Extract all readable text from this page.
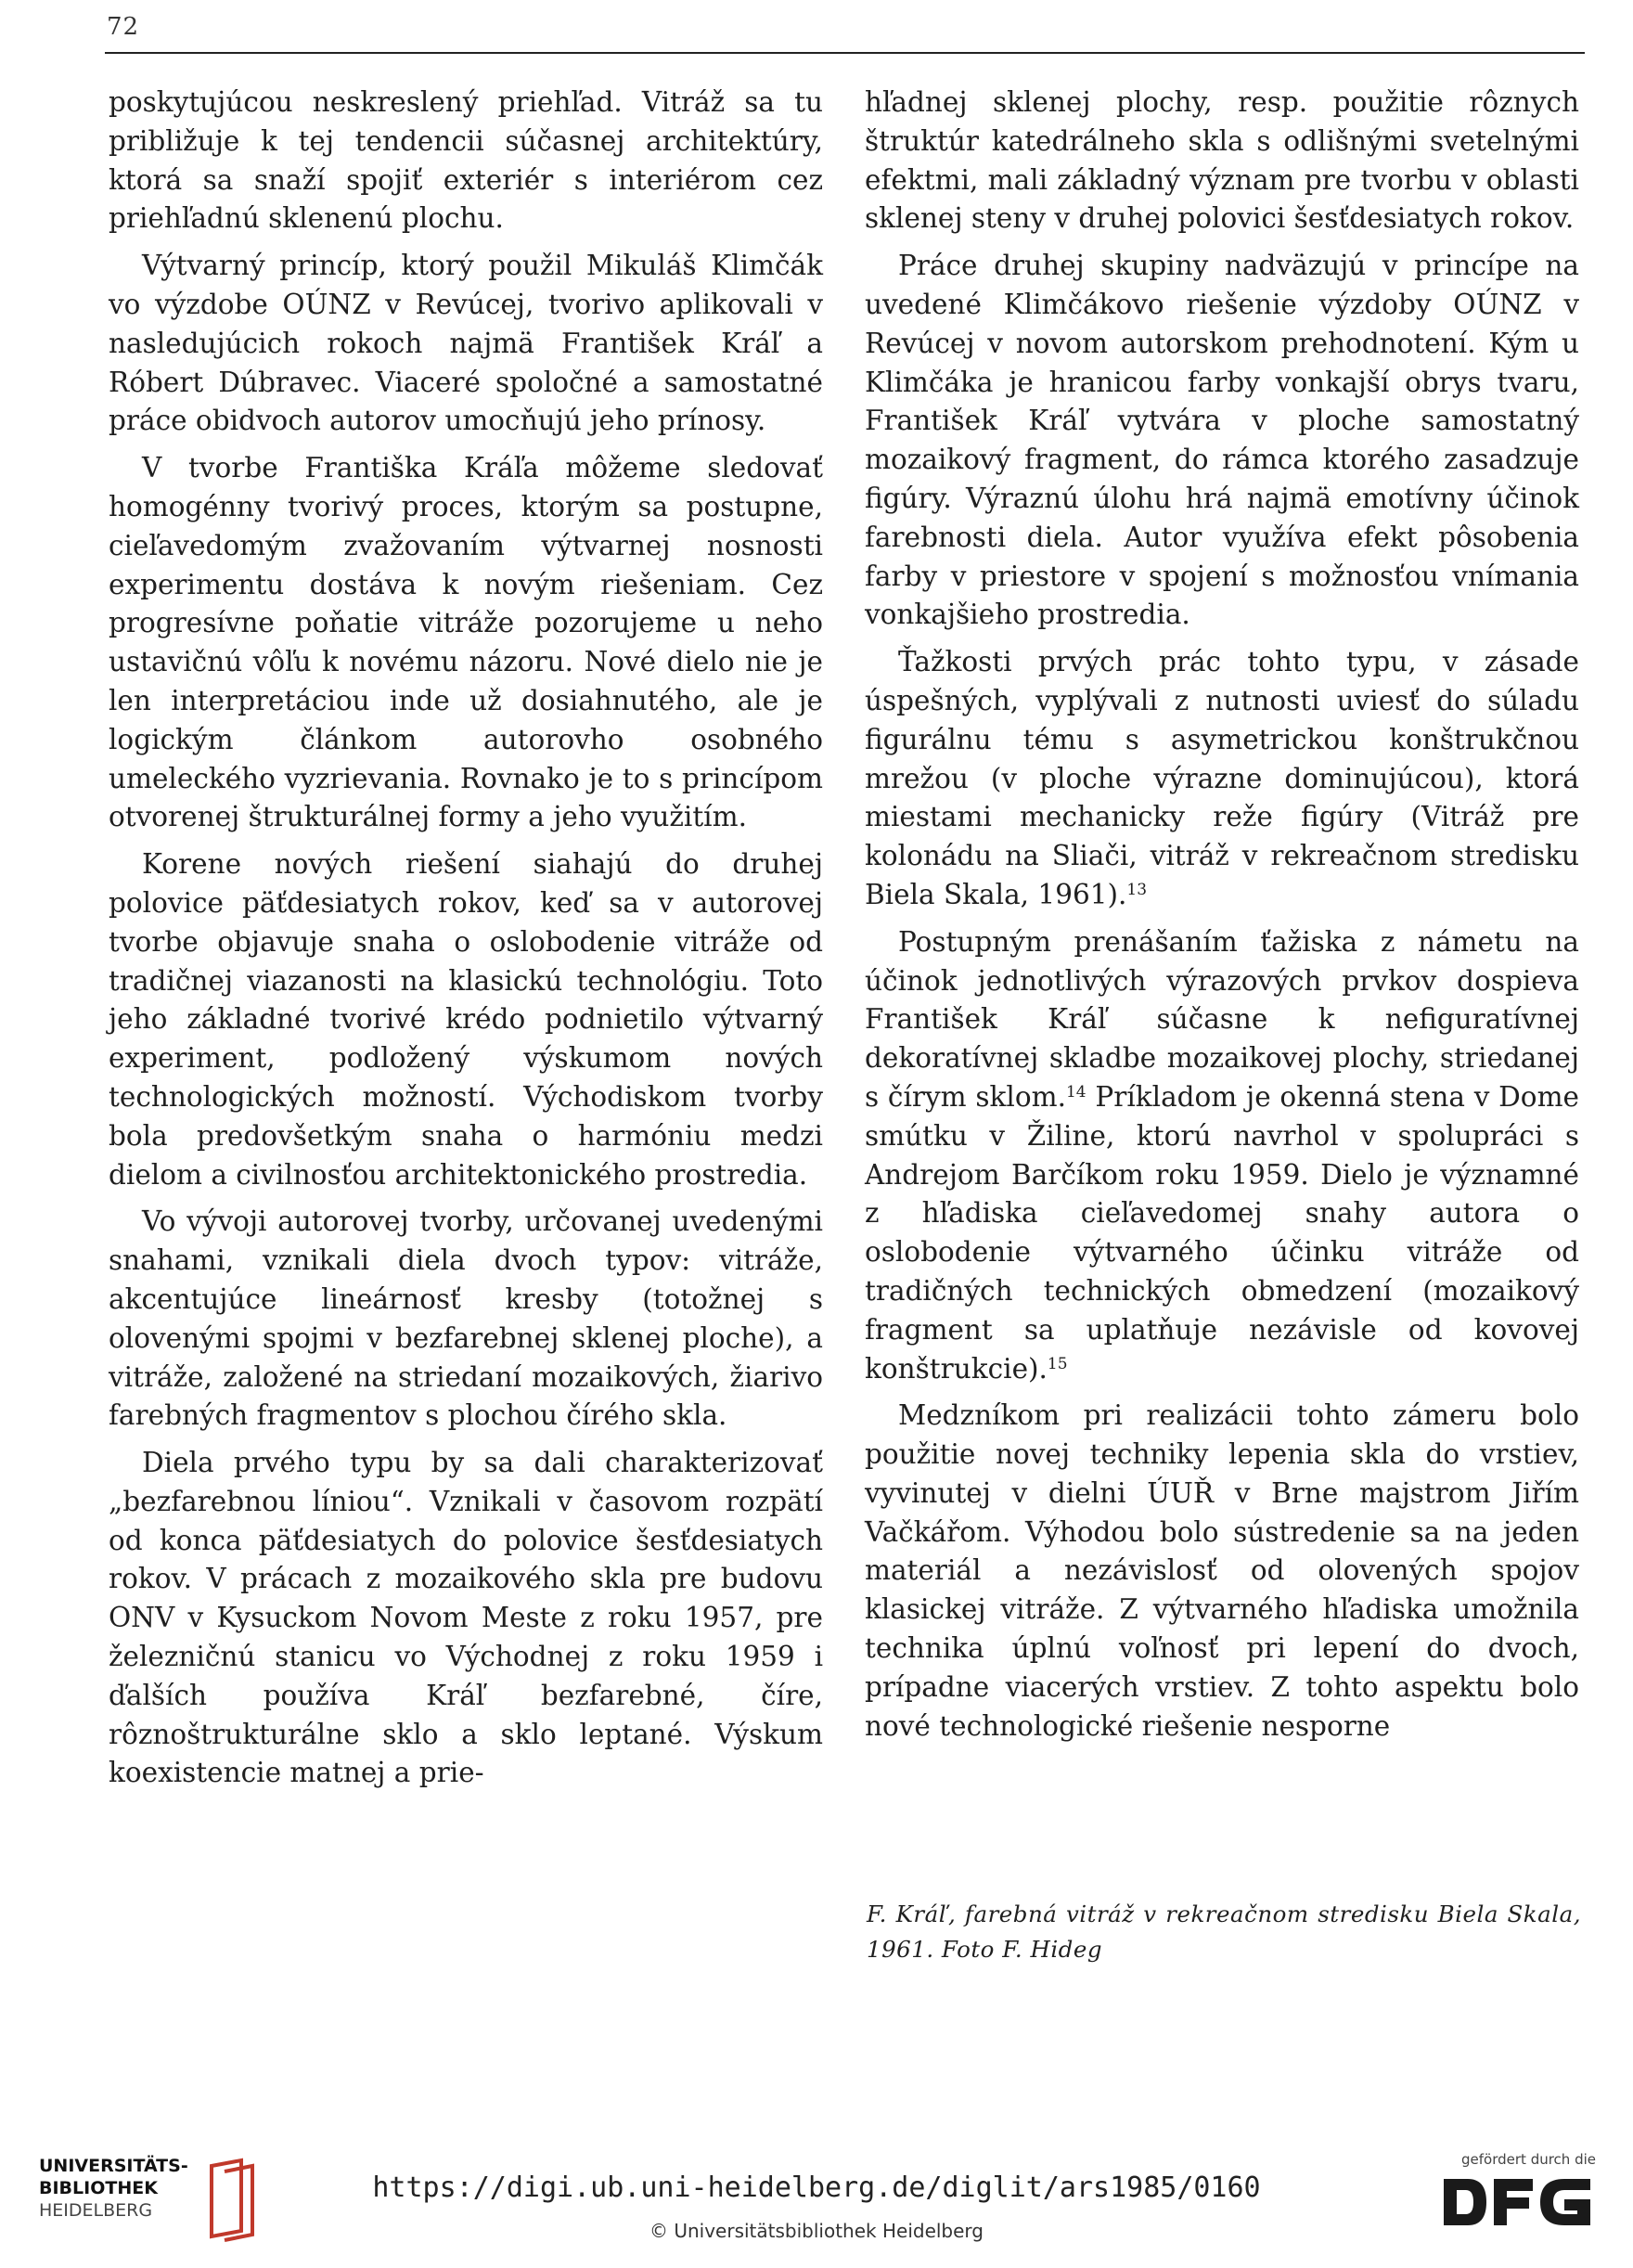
72

poskytujúcou neskreslený priehľad. Vitráž sa tu približuje k tej tendencii súčasnej architektúry, ktorá sa snaží spojiť exteriér s interiérom cez priehľadnú sklenenú plochu.

Výtvarný princíp, ktorý použil Mikuláš Klimčák vo výzdobe OÚNZ v Revúcej, tvorivo aplikovali v nasledujúcich rokoch najmä František Kráľ a Róbert Dúbravec. Viaceré spoločné a samostatné práce obidvoch autorov umocňujú jeho prínosy.

V tvorbe Františka Kráľa môžeme sledovať homogénny tvorivý proces, ktorým sa postupne, cieľavedomým zvažovaním výtvarnej nosnosti experimentu dostáva k novým riešeniam. Cez progresívne poňatie vitráže pozorujeme u neho ustavičnú vôľu k novému názoru. Nové dielo nie je len interpretáciou inde už dosiahnutého, ale je logickým článkom autorovho osobného umeleckého vyzrievania. Rovnako je to s princípom otvorenej štrukturálnej formy a jeho využitím.

Korene nových riešení siahajú do druhej polovice päťdesiatych rokov, keď sa v autorovej tvorbe objavuje snaha o oslobodenie vitráže od tradičnej viazanosti na klasickú technológiu. Toto jeho základné tvorivé krédo podnietilo výtvarný experiment, podložený výskumom nových technologických možností. Východiskom tvorby bola predovšetkým snaha o harmóniu medzi dielom a civilnosťou architektonického prostredia.

Vo vývoji autorovej tvorby, určovanej uvedenými snahami, vznikali diela dvoch typov: vitráže, akcentujúce lineárnosť kresby (totožnej s olovenými spojmi v bezfarebnej sklenej ploche), a vitráže, založené na striedaní mozaikových, žiarivo farebných fragmentov s plochou čírého skla.

Diela prvého typu by sa dali charakterizovať „bezfarebnou líniou“. Vznikali v časovom rozpätí od konca päťdesiatych do polovice šesťdesiatych rokov. V prácach z mozaikového skla pre budovu ONV v Kysuckom Novom Meste z roku 1957, pre železničnú stanicu vo Východnej z roku 1959 i ďalších používa Kráľ bezfarebné, číre, rôznoštrukturálne sklo a sklo leptané. Výskum koexistencie matnej a prie-

hľadnej sklenej plochy, resp. použitie rôznych štruktúr katedrálneho skla s odlišnými svetelnými efektmi, mali základný význam pre tvorbu v oblasti sklenej steny v druhej polovici šesťdesiatych rokov.

Práce druhej skupiny nadväzujú v princípe na uvedené Klimčákovo riešenie výzdoby OÚNZ v Revúcej v novom autorskom prehodnotení. Kým u Klimčáka je hranicou farby vonkajší obrys tvaru, František Kráľ vytvára v ploche samostatný mozaikový fragment, do rámca ktorého zasadzuje figúry. Výraznú úlohu hrá najmä emotívny účinok farebnosti diela. Autor využíva efekt pôsobenia farby v priestore v spojení s možnosťou vnímania vonkajšieho prostredia.

Ťažkosti prvých prác tohto typu, v zásade úspešných, vyplývali z nutnosti uviesť do súladu figurálnu tému s asymetrickou konštrukčnou mrežou (v ploche výrazne dominujúcou), ktorá miestami mechanicky reže figúry (Vitráž pre kolonádu na Sliači, vitráž v rekreačnom stredisku Biela Skala, 1961).$^{13}$

Postupným prenášaním ťažiska z námetu na účinok jednotlivých výrazových prvkov dospieva František Kráľ súčasne k nefiguratívnej dekoratívnej skladbe mozaikovej plochy, striedanej s čírym sklom.$^{14}$ Príkladom je okenná stena v Dome smútku v Žiline, ktorú navrhol v spolupráci s Andrejom Barčíkom roku 1959. Dielo je významné z hľadiska cieľavedomej snahy autora o oslobodenie výtvarného účinku vitráže od tradičných technických obmedzení (mozaikový fragment sa uplatňuje nezávisle od kovovej konštrukcie).$^{15}$

Medzníkom pri realizácii tohto zámeru bolo použitie novej techniky lepenia skla do vrstiev, vyvinutej v dielni ÚUŘ v Brne majstrom Jiřím Vačkářom. Výhodou bolo sústredenie sa na jeden materiál a nezávislosť od olovených spojov klasickej vitráže. Z výtvarného hľadiska umožnila technika úplnú voľnosť pri lepení do dvoch, prípadne viacerých vrstiev. Z tohto aspektu bolo nové technologické riešenie nesporne

F. Kráľ, farebná vitráž v rekreačnom stredisku Biela Skala, 1961. Foto F. Hideg
UNIVERSITÄTS-
BIBLIOTHEK
HEIDELBERG
https://digi.ub.uni-heidelberg.de/diglit/ars1985/0160
© Universitätsbibliothek Heidelberg
gefördert durch die
